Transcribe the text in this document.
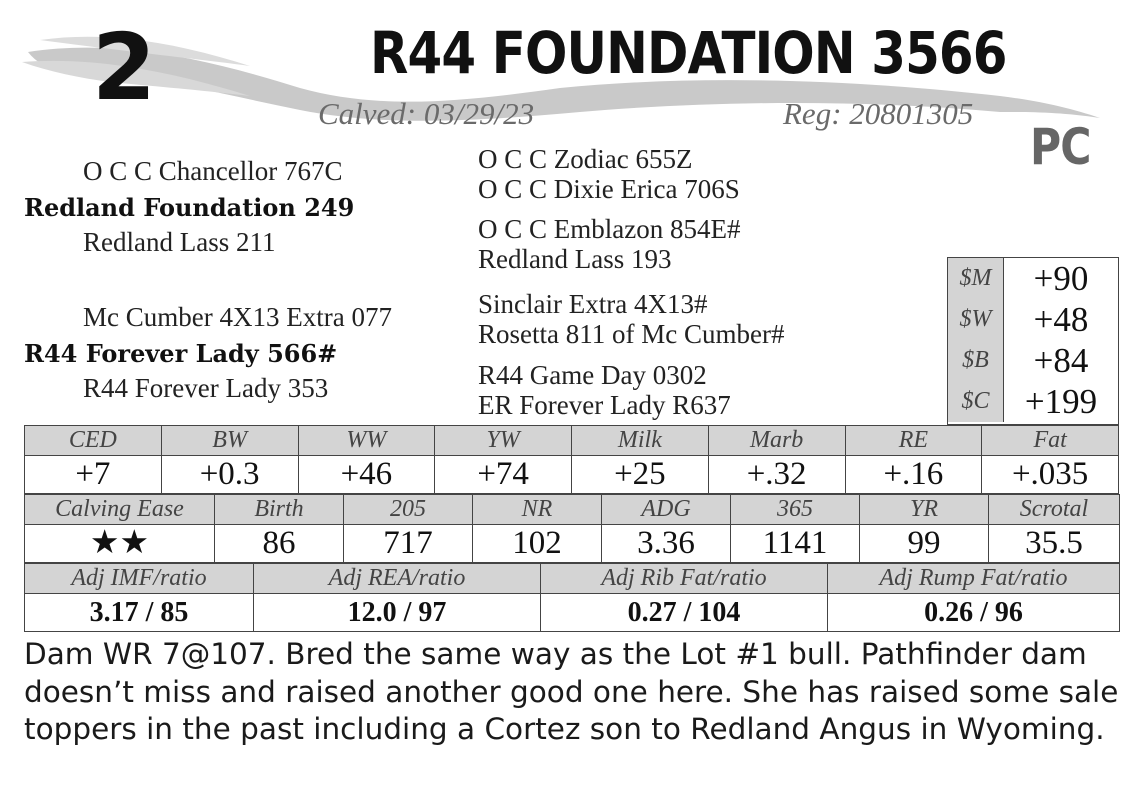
2	R44 FOUNDATION 3566
Calved: 03/29/23	Reg: 20801305
PC
O C C Chancellor 767C
Redland Foundation 249
Redland Lass 211
O C C Zodiac 655Z
O C C Dixie Erica 706S
O C C Emblazon 854E#
Redland Lass 193
Mc Cumber 4X13 Extra 077
R44 Forever Lady 566#
R44 Forever Lady 353
Sinclair Extra 4X13#
Rosetta 811 of Mc Cumber#
R44 Game Day 0302
ER Forever Lady R637
$M	+90
$W	+48
$B	+84
$C	+199
CED	BW	WW	YW	Milk	Marb	RE	Fat
+7	+0.3	+46	+74	+25	+.32	+.16	+.035
Calving Ease	Birth	205	NR	ADG	365	YR	Scrotal
★★	86	717	102	3.36	1141	99	35.5
Adj IMF/ratio	Adj REA/ratio	Adj Rib Fat/ratio	Adj Rump Fat/ratio
3.17 / 85	12.0 / 97	0.27 / 104	0.26 / 96
Dam WR 7@107. Bred the same way as the Lot #1 bull. Pathfinder dam doesn’t miss and raised another good one here. She has raised some sale toppers in the past including a Cortez son to Redland Angus in Wyoming.
